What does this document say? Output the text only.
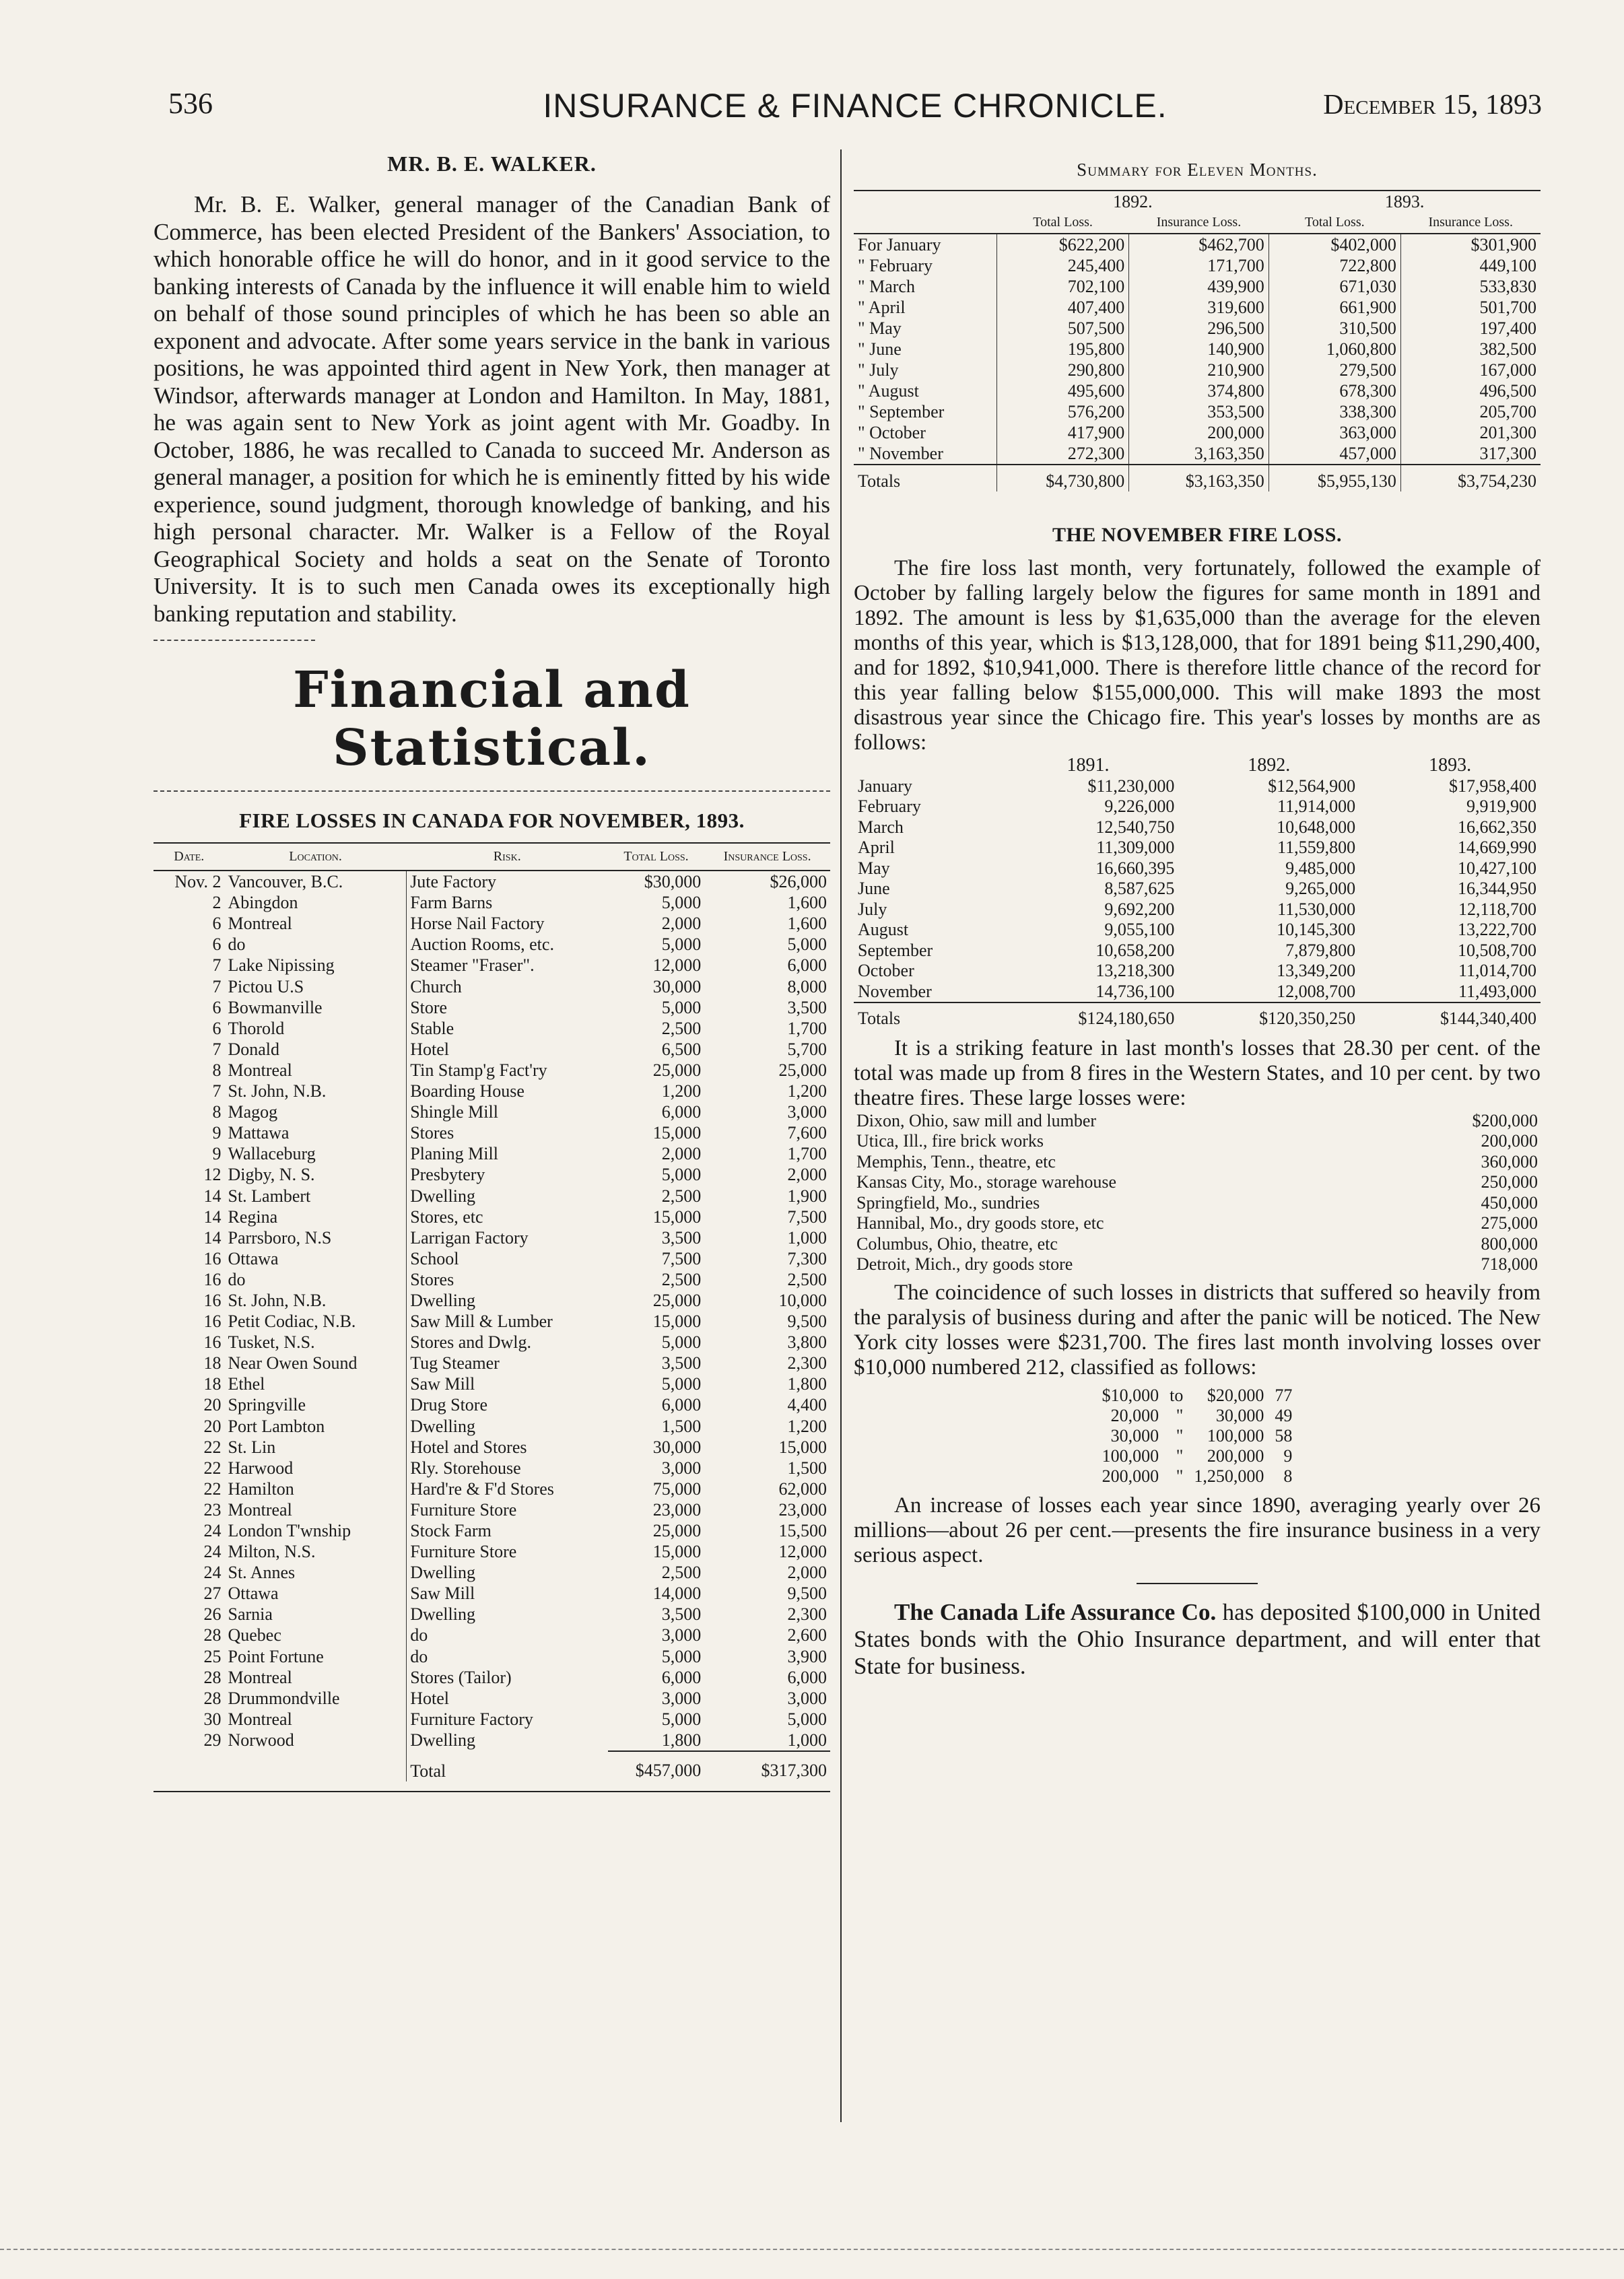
536	INSURANCE & FINANCE CHRONICLE.	December 15, 1893
MR. B. E. WALKER.

Mr. B. E. Walker, general manager of the Canadian Bank of Commerce, has been elected President of the Bankers' Association, to which honorable office he will do honor, and in it good service to the banking interests of Canada by the influence it will enable him to wield on behalf of those sound principles of which he has been so able an exponent and advocate. After some years service in the bank in various positions, he was appointed third agent in New York, then manager at Windsor, afterwards manager at London and Hamilton. In May, 1881, he was again sent to New York as joint agent with Mr. Goadby. In October, 1886, he was recalled to Canada to succeed Mr. Anderson as general manager, a position for which he is eminently fitted by his wide experience, sound judgment, thorough knowledge of banking, and his high personal character. Mr. Walker is a Fellow of the Royal Geographical Society and holds a seat on the Senate of Toronto University. It is to such men Canada owes its exceptionally high banking reputation and stability.

Financial and Statistical.
FIRE LOSSES IN CANADA FOR NOVEMBER, 1893.
Date.	Location.	Risk.	Total Loss.	Insurance Loss.
Nov. 2	Vancouver, B.C.	Jute Factory	$30,000	$26,000
2	Abingdon	Farm Barns	5,000	1,600
6	Montreal	Horse Nail Factory	2,000	1,600
6	do	Auction Rooms, etc.	5,000	5,000
7	Lake Nipissing	Steamer "Fraser".	12,000	6,000
7	Pictou U.S	Church	30,000	8,000
6	Bowmanville	Store	5,000	3,500
6	Thorold	Stable	2,500	1,700
7	Donald	Hotel	6,500	5,700
8	Montreal	Tin Stamp'g Fact'ry	25,000	25,000
7	St. John, N.B.	Boarding House	1,200	1,200
8	Magog	Shingle Mill	6,000	3,000
9	Mattawa	Stores	15,000	7,600
9	Wallaceburg	Planing Mill	2,000	1,700
12	Digby, N. S.	Presbytery	5,000	2,000
14	St. Lambert	Dwelling	2,500	1,900
14	Regina	Stores, etc	15,000	7,500
14	Parrsboro, N.S	Larrigan Factory	3,500	1,000
16	Ottawa	School	7,500	7,300
16	do	Stores	2,500	2,500
16	St. John, N.B.	Dwelling	25,000	10,000
16	Petit Codiac, N.B.	Saw Mill & Lumber	15,000	9,500
16	Tusket, N.S.	Stores and Dwlg.	5,000	3,800
18	Near Owen Sound	Tug Steamer	3,500	2,300
18	Ethel	Saw Mill	5,000	1,800
20	Springville	Drug Store	6,000	4,400
20	Port Lambton	Dwelling	1,500	1,200
22	St. Lin	Hotel and Stores	30,000	15,000
22	Harwood	Rly. Storehouse	3,000	1,500
22	Hamilton	Hard're & F'd Stores	75,000	62,000
23	Montreal	Furniture Store	23,000	23,000
24	London T'wnship	Stock Farm	25,000	15,500
24	Milton, N.S.	Furniture Store	15,000	12,000
24	St. Annes	Dwelling	2,500	2,000
27	Ottawa	Saw Mill	14,000	9,500
26	Sarnia	Dwelling	3,500	2,300
28	Quebec	do	3,000	2,600
25	Point Fortune	do	5,000	3,900
28	Montreal	Stores (Tailor)	6,000	6,000
28	Drummondville	Hotel	3,000	3,000
30	Montreal	Furniture Factory	5,000	5,000
29	Norwood	Dwelling	1,800	1,000
		Total	$457,000	$317,300
Summary for Eleven Months.
	1892.		1893.	
	Total Loss.	Insurance Loss.	Total Loss.	Insurance Loss.
For January	$622,200	$462,700	$402,000	$301,900
" February	245,400	171,700	722,800	449,100
" March	702,100	439,900	671,030	533,830
" April	407,400	319,600	661,900	501,700
" May	507,500	296,500	310,500	197,400
" June	195,800	140,900	1,060,800	382,500
" July	290,800	210,900	279,500	167,000
" August	495,600	374,800	678,300	496,500
" September	576,200	353,500	338,300	205,700
" October	417,900	200,000	363,000	201,300
" November	272,300	3,163,350	457,000	317,300
Totals	$4,730,800	$3,163,350	$5,955,130	$3,754,230
THE NOVEMBER FIRE LOSS.

The fire loss last month, very fortunately, followed the example of October by falling largely below the figures for same month in 1891 and 1892. The amount is less by $1,635,000 than the average for the eleven months of this year, which is $13,128,000, that for 1891 being $11,290,400, and for 1892, $10,941,000. There is therefore little chance of the record for this year falling below $155,000,000. This will make 1893 the most disastrous year since the Chicago fire. This year's losses by months are as follows:

	1891.	1892.	1893.
January	$11,230,000	$12,564,900	$17,958,400
February	9,226,000	11,914,000	9,919,900
March	12,540,750	10,648,000	16,662,350
April	11,309,000	11,559,800	14,669,990
May	16,660,395	9,485,000	10,427,100
June	8,587,625	9,265,000	16,344,950
July	9,692,200	11,530,000	12,118,700
August	9,055,100	10,145,300	13,222,700
September	10,658,200	7,879,800	10,508,700
October	13,218,300	13,349,200	11,014,700
November	14,736,100	12,008,700	11,493,000
Totals	$124,180,650	$120,350,250	$144,340,400

It is a striking feature in last month's losses that 28.30 per cent. of the total was made up from 8 fires in the Western States, and 10 per cent. by two theatre fires. These large losses were:

Dixon, Ohio, saw mill and lumber	$200,000
Utica, Ill., fire brick works	200,000
Memphis, Tenn., theatre, etc	360,000
Kansas City, Mo., storage warehouse	250,000
Springfield, Mo., sundries	450,000
Hannibal, Mo., dry goods store, etc	275,000
Columbus, Ohio, theatre, etc	800,000
Detroit, Mich., dry goods store	718,000

The coincidence of such losses in districts that suffered so heavily from the paralysis of business during and after the panic will be noticed. The New York city losses were $231,700. The fires last month involving losses over $10,000 numbered 212, classified as follows:

$10,000	to	$20,000	77
20,000	"	30,000	49
30,000	"	100,000	58
100,000	"	200,000	9
200,000	"	1,250,000	8

An increase of losses each year since 1890, averaging yearly over 26 millions—about 26 per cent.—presents the fire insurance business in a very serious aspect.

The Canada Life Assurance Co. has deposited $100,000 in United States bonds with the Ohio Insurance department, and will enter that State for business.
